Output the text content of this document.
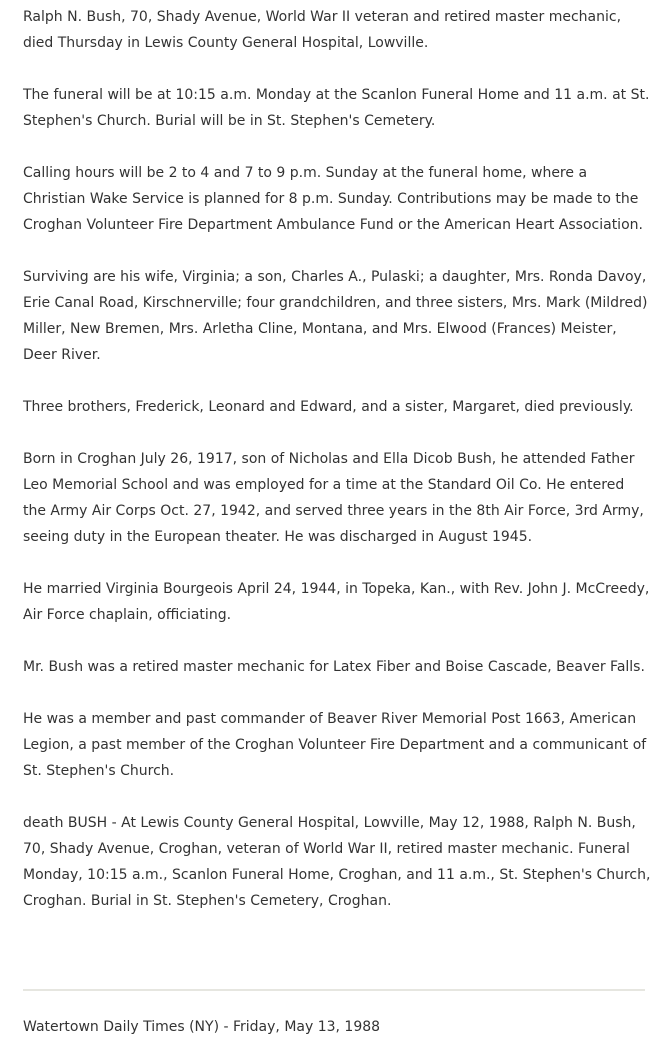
Ralph N. Bush, 70, Shady Avenue, World War II veteran and retired master mechanic, died Thursday in Lewis County General Hospital, Lowville.

The funeral will be at 10:15 a.m. Monday at the Scanlon Funeral Home and 11 a.m. at St. Stephen's Church. Burial will be in St. Stephen's Cemetery.

Calling hours will be 2 to 4 and 7 to 9 p.m. Sunday at the funeral home, where a Christian Wake Service is planned for 8 p.m. Sunday. Contributions may be made to the Croghan Volunteer Fire Department Ambulance Fund or the American Heart Association.

Surviving are his wife, Virginia; a son, Charles A., Pulaski; a daughter, Mrs. Ronda Davoy, Erie Canal Road, Kirschnerville; four grandchildren, and three sisters, Mrs. Mark (Mildred) Miller, New Bremen, Mrs. Arletha Cline, Montana, and Mrs. Elwood (Frances) Meister, Deer River.

Three brothers, Frederick, Leonard and Edward, and a sister, Margaret, died previously.

Born in Croghan July 26, 1917, son of Nicholas and Ella Dicob Bush, he attended Father Leo Memorial School and was employed for a time at the Standard Oil Co. He entered the Army Air Corps Oct. 27, 1942, and served three years in the 8th Air Force, 3rd Army, seeing duty in the European theater. He was discharged in August 1945.

He married Virginia Bourgeois April 24, 1944, in Topeka, Kan., with Rev. John J. McCreedy, Air Force chaplain, officiating.

Mr. Bush was a retired master mechanic for Latex Fiber and Boise Cascade, Beaver Falls.

He was a member and past commander of Beaver River Memorial Post 1663, American Legion, a past member of the Croghan Volunteer Fire Department and a communicant of St. Stephen's Church.

death BUSH - At Lewis County General Hospital, Lowville, May 12, 1988, Ralph N. Bush, 70, Shady Avenue, Croghan, veteran of World War II, retired master mechanic. Funeral Monday, 10:15 a.m., Scanlon Funeral Home, Croghan, and 11 a.m., St. Stephen's Church, Croghan. Burial in St. Stephen's Cemetery, Croghan.

Watertown Daily Times (NY) - Friday, May 13, 1988
